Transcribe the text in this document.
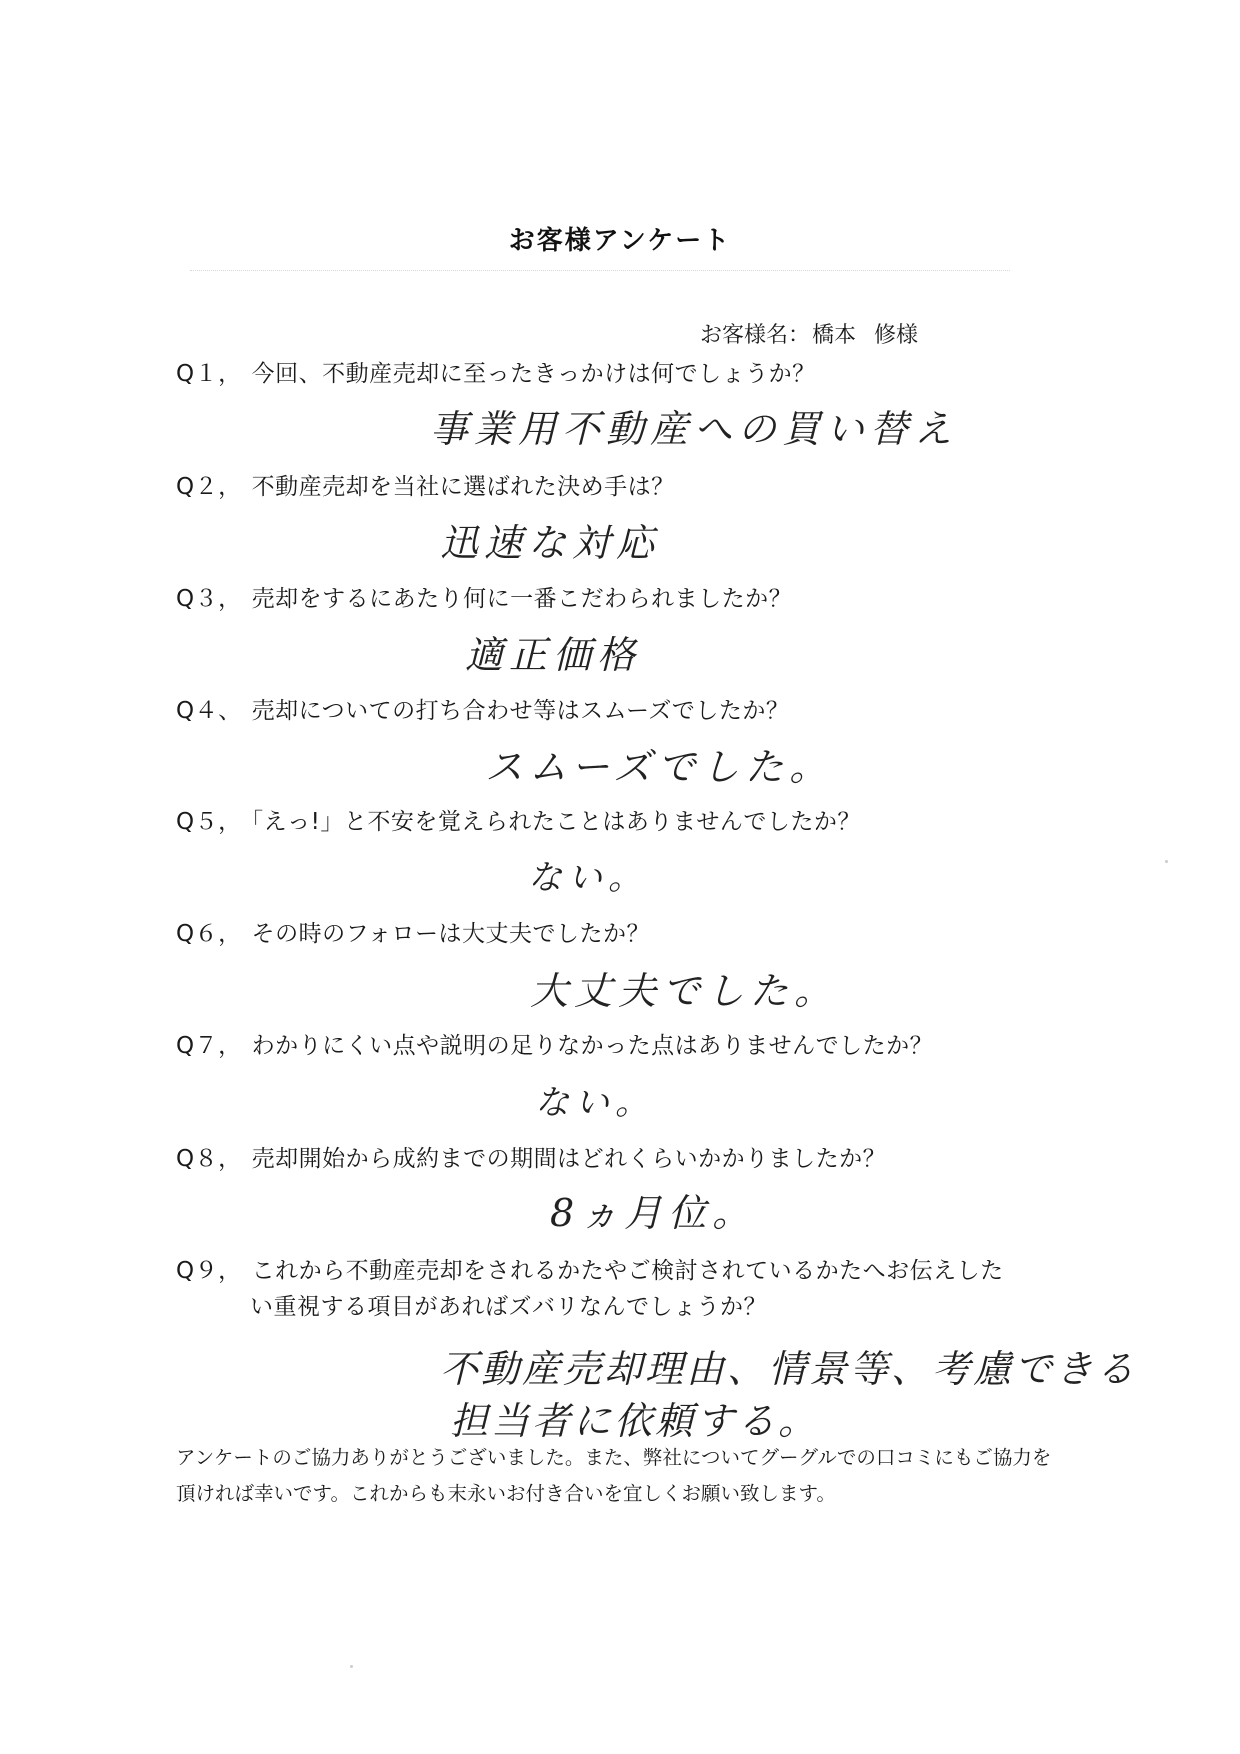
お客様アンケート
お客様名：橋本 修様
Q１， 今回、不動産売却に至ったきっかけは何でしょうか？
事業用不動産への買い替え
Q２， 不動産売却を当社に選ばれた決め手は？
迅速な対応
Q３， 売却をするにあたり何に一番こだわられましたか？
適正価格
Q４、 売却についての打ち合わせ等はスムーズでしたか？
スムーズでした。
Q５， 「えっ!」と不安を覚えられたことはありませんでしたか？
ない。
Q６， その時のフォローは大丈夫でしたか？
大丈夫でした。
Q７， わかりにくい点や説明の足りなかった点はありませんでしたか？
ない。
Q８， 売却開始から成約までの期間はどれくらいかかりましたか？
8ヵ月位。
Q９， これから不動産売却をされるかたやご検討されているかたへお伝えした
い重視する項目があればズバリなんでしょうか？
不動産売却理由、情景等、考慮できる
担当者に依頼する。
アンケートのご協力ありがとうございました。また、弊社についてグーグルでの口コミにもご協力を
頂ければ幸いです。これからも末永いお付き合いを宜しくお願い致します。
